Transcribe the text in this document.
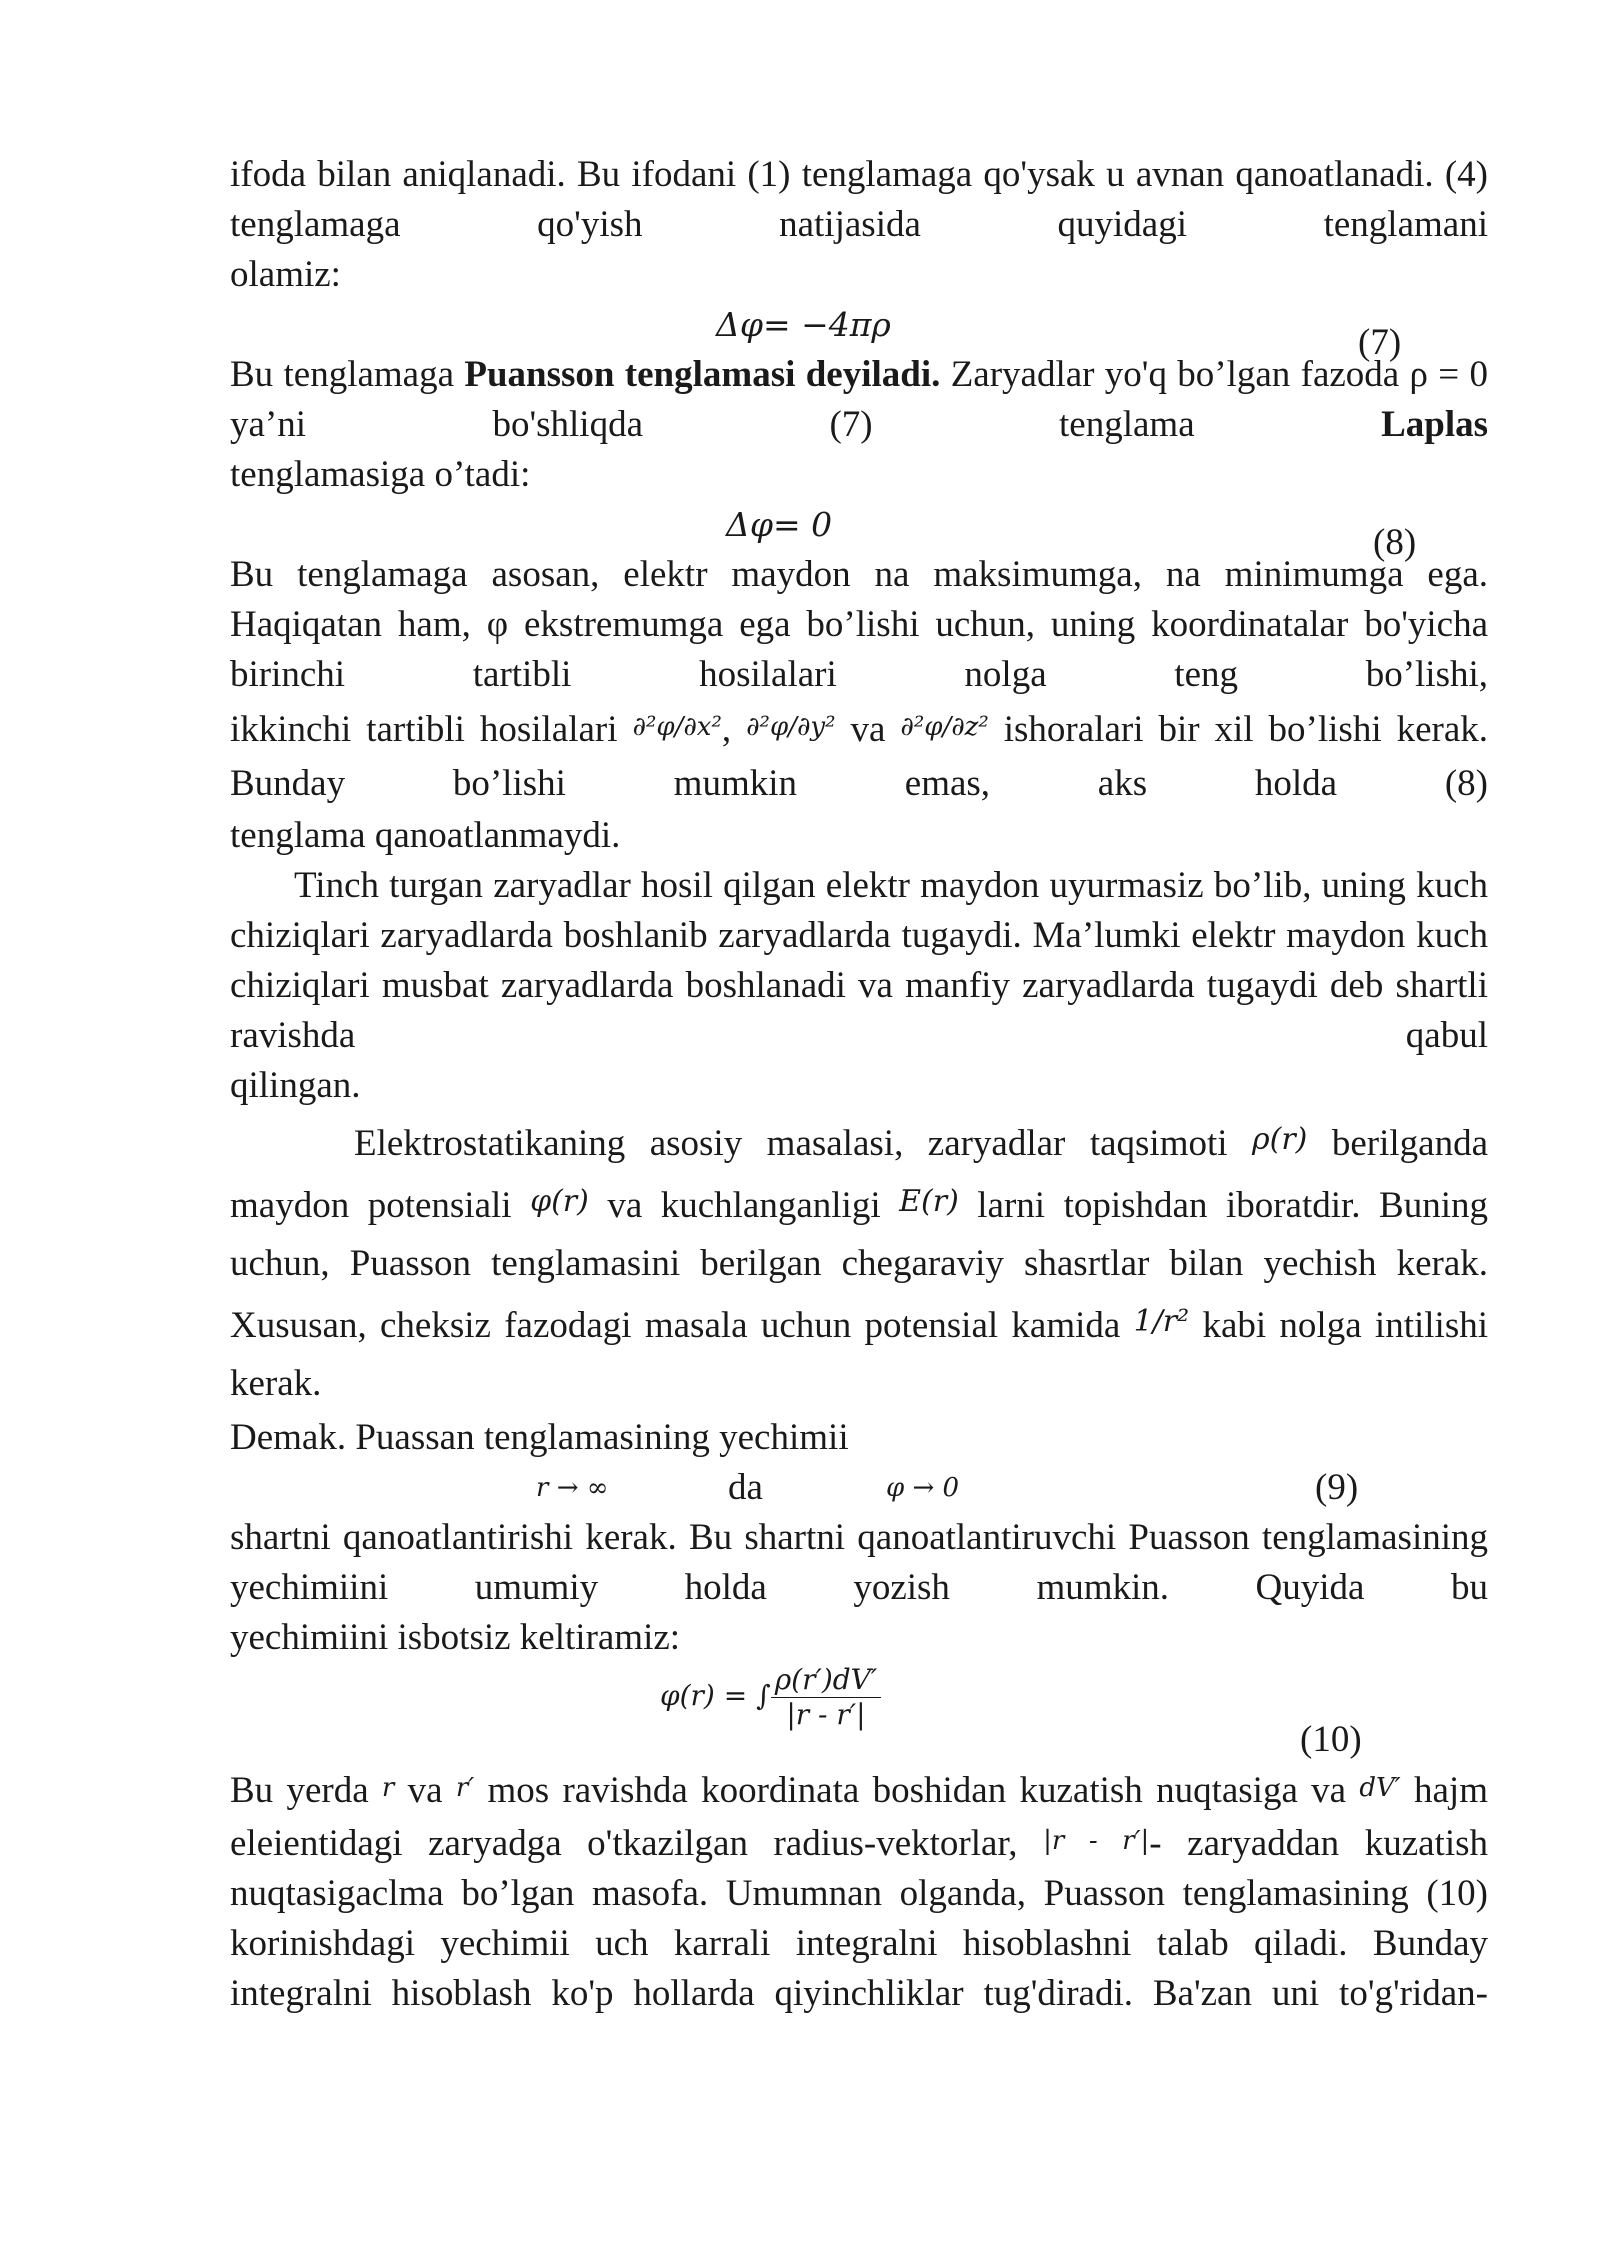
ifoda bilan aniqlanadi. Bu ifodani (1) tenglamaga qo'ysak u avnan qanoatlanadi. (4) tenglamaga qo'yish natijasida quyidagi tenglamani

olamiz:

Δφ= −4πρ	(7)

Bu tenglamaga Puansson tenglamasi deyiladi. Zaryadlar yo'q bo’lgan fazoda ρ = 0 ya’ni bo'shliqda (7) tenglama Laplas

tenglamasiga o’tadi:

Δφ= 0	(8)

Bu tenglamaga asosan, elektr maydon na maksimumga, na minimumga ega. Haqiqatan ham, φ ekstremumga ega bo’lishi uchun, uning koordinatalar bo'yicha birinchi tartibli hosilalari nolga teng bo’lishi,

ikkinchi tartibli hosilalari ∂²φ/∂x², ∂²φ/∂y² va ∂²φ/∂z² ishoralari bir xil bo’lishi kerak. Bunday bo’lishi mumkin emas, aks holda (8)

tenglama qanoatlanmaydi.

Tinch turgan zaryadlar hosil qilgan elektr maydon uyurmasiz bo’lib, uning kuch chiziqlari zaryadlarda boshlanib zaryadlarda tugaydi. Ma’lumki elektr maydon kuch chiziqlari musbat zaryadlarda boshlanadi va manfiy zaryadlarda tugaydi deb shartli ravishda qabul

qilingan.

Elektrostatikaning asosiy masalasi, zaryadlar taqsimoti ρ(r) berilganda maydon potensiali φ(r) va kuchlanganligi E(r) larni topishdan iboratdir. Buning uchun, Puasson tenglamasini berilgan chegaraviy shasrtlar bilan yechish kerak. Xususan, cheksiz fazodagi masala uchun potensial kamida 1/r² kabi nolga intilishi kerak.

Demak. Puassan tenglamasining yechimii

r → ∞	da	φ → 0	(9)

shartni qanoatlantirishi kerak. Bu shartni qanoatlantiruvchi Puasson tenglamasining yechimiini umumiy holda yozish mumkin. Quyida bu

yechimiini isbotsiz keltiramiz:

φ(r) = ∫ $\frac{\rho(r')dV'}{|r - r'|}$
(10)

Bu yerda r va r′ mos ravishda koordinata boshidan kuzatish nuqtasiga va dV′ hajm eleientidagi zaryadga o'tkazilgan radius-vektorlar, |r - r′|- zaryaddan kuzatish nuqtasigaclma bo’lgan masofa. Umumnan olganda, Puasson tenglamasining (10) korinishdagi yechimii uch karrali integralni hisoblashni talab qiladi. Bunday integralni hisoblash ko'p hollarda qiyinchliklar tug'diradi. Ba'zan uni to'g'ridan-
